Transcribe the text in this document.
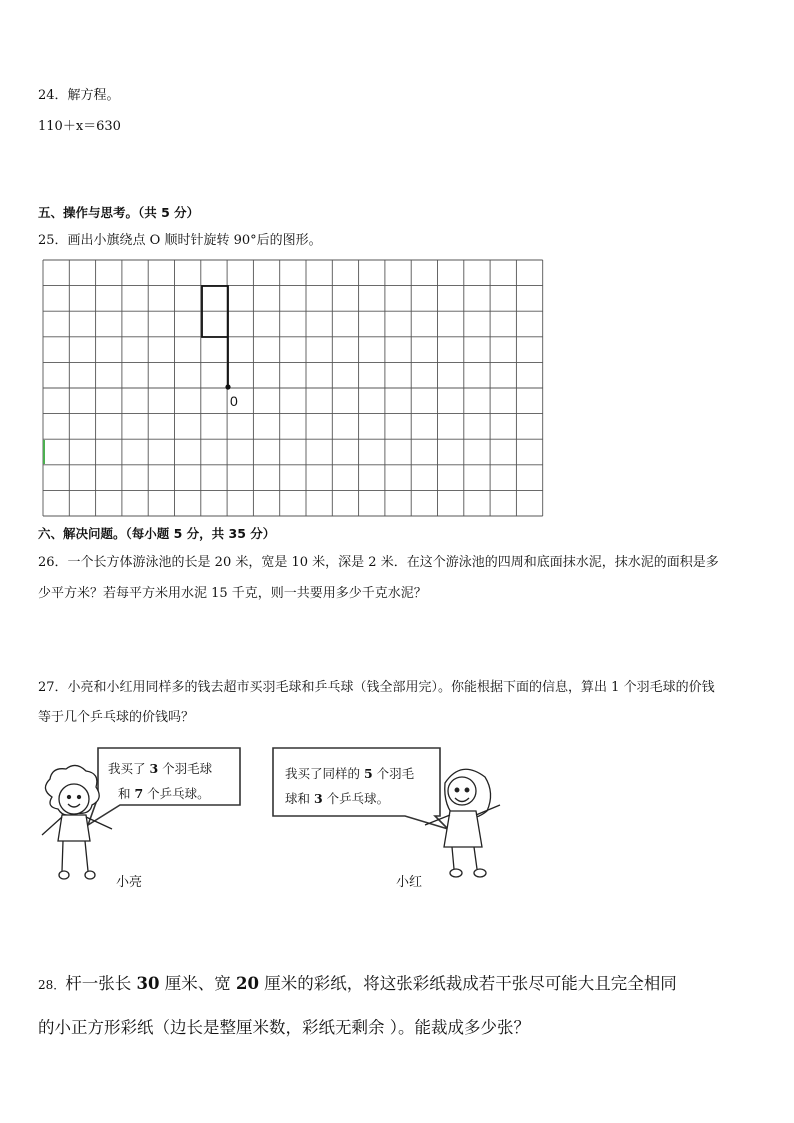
24．解方程。
110＋x＝630
五、操作与思考。（共 5 分）
25．画出小旗绕点 O 顺时针旋转 90°后的图形。
0
六、解决问题。（每小题 5 分，共 35 分）
26．一个长方体游泳池的长是 20 米，宽是 10 米，深是 2 米．在这个游泳池的四周和底面抹水泥，抹水泥的面积是多
少平方米？若每平方米用水泥 15 千克，则一共要用多少千克水泥？
27．小亮和小红用同样多的钱去超市买羽毛球和乒乓球（钱全部用完）。你能根据下面的信息，算出 1 个羽毛球的价钱
等于几个乒乓球的价钱吗？
我买了 3 个羽毛球
和 7 个乒乓球。
我买了同样的 5 个羽毛
球和 3 个乒乓球。
小亮	小红
28．杆一张长 30 厘米、宽 20 厘米的彩纸，将这张彩纸裁成若干张尽可能大且完全相同
的小正方形彩纸（边长是整厘米数，彩纸无剩余 ）。能裁成多少张？
